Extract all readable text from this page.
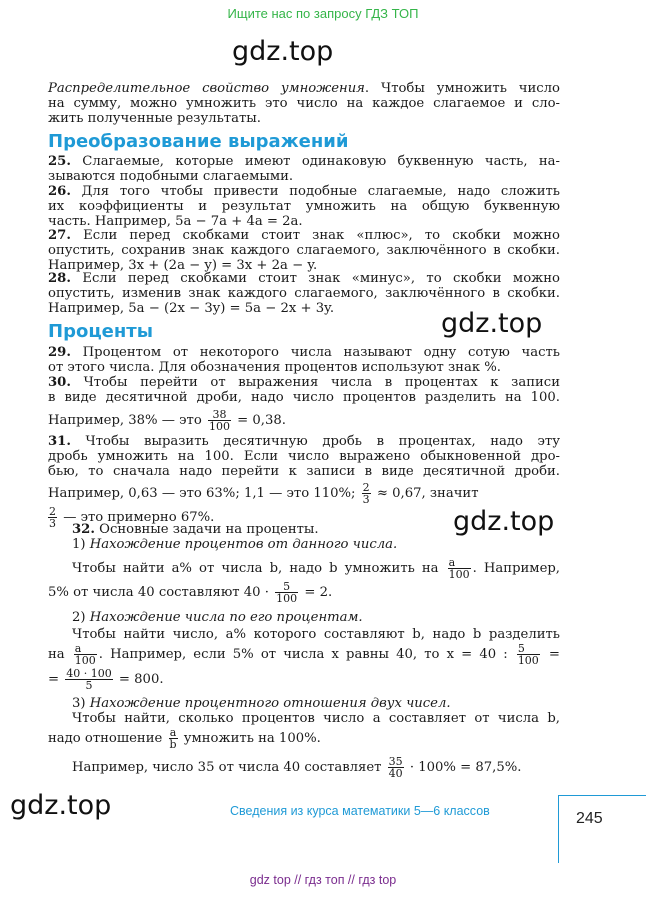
Ищите нас по запросу ГДЗ ТОП
gdz.top
Распределительное свойство умножения. Чтобы умножить число
на сумму, можно умножить это число на каждое слагаемое и сло-
жить полученные результаты.
Преобразование выражений
25. Слагаемые, которые имеют одинаковую буквенную часть, на-
зываются подобными слагаемыми.
26. Для того чтобы привести подобные слагаемые, надо сложить
их коэффициенты и результат умножить на общую буквенную
часть. Например, 5a − 7a + 4a = 2a.
27. Если перед скобками стоит знак «плюс», то скобки можно
опустить, сохранив знак каждого слагаемого, заключённого в скобки.
Например, 3x + (2a − y) = 3x + 2a − y.
28. Если перед скобками стоит знак «минус», то скобки можно
опустить, изменив знак каждого слагаемого, заключённого в скобки.
Например, 5a − (2x − 3y) = 5a − 2x + 3y.	gdz.top
Проценты
29. Процентом от некоторого числа называют одну сотую часть
от этого числа. Для обозначения процентов используют знак %.
30. Чтобы перейти от выражения числа в процентах к записи
в виде десятичной дроби, надо число процентов разделить на 100.
Например, 38% — это $\frac{38}{100} = 0,38$.
31. Чтобы выразить десятичную дробь в процентах, надо эту
дробь умножить на 100. Если число выражено обыкновенной дро-
бью, то сначала надо перейти к записи в виде десятичной дроби.
Например, 0,63 — это 63%; 1,1 — это 110%; $\frac{2}{3} \approx 0,67$, значит
$\frac{2}{3}$ — это примерно 67%.	gdz.top
32. Основные задачи на проценты.
1) Нахождение процентов от данного числа.
Чтобы найти a% от числа b, надо b умножить на $\frac{a}{100}$ . Например,
5% от числа 40 составляют $40 \cdot \frac{5}{100} = 2$.
2) Нахождение числа по его процентам.
Чтобы найти число, a% которого составляют b, надо b разделить
на $\frac{a}{100}$ . Например, если 5% от числа x равны 40, то x = 40 : $\frac{5}{100}$ =
= $\frac{40 \cdot 100}{5} = 800$.
3) Нахождение процентного отношения двух чисел.
Чтобы найти, сколько процентов число a составляет от числа b,
надо отношение $\frac{a}{b}$ умножить на 100%.
Например, число 35 от числа 40 составляет $\frac{35}{40} \cdot 100\% = 87,5\%$.
gdz.top	Сведения из курса математики 5—6 классов	245
gdz top // гдз топ // гдз top
